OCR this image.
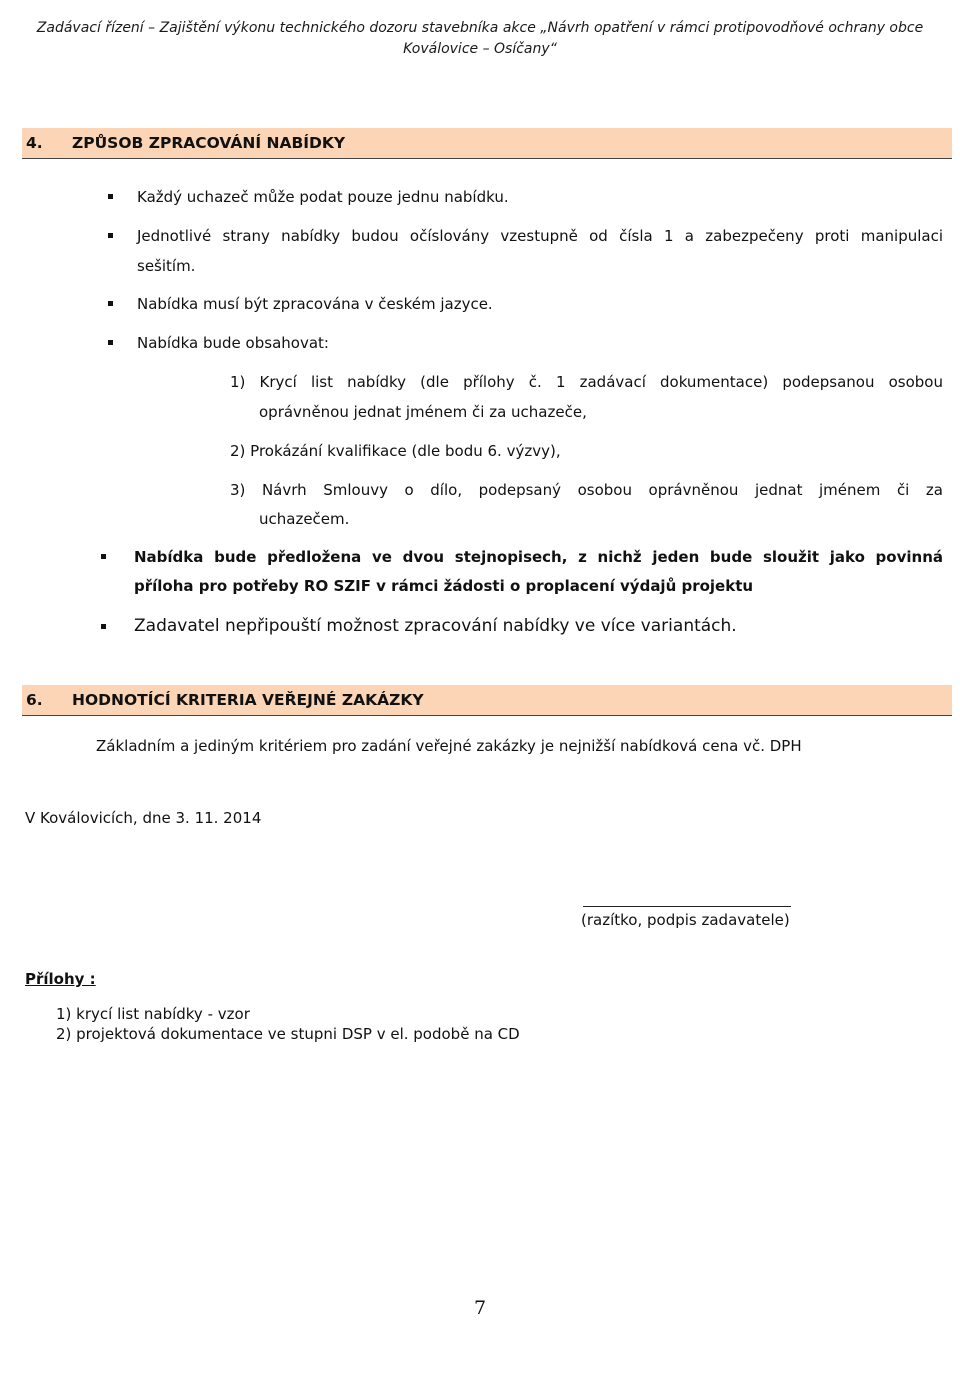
Zadávací řízení – Zajištění výkonu technického dozoru stavebníka akce „Návrh opatření v rámci protipovodňové ochrany obce
Koválovice – Osíčany“
4. ZPŮSOB ZPRACOVÁNÍ NABÍDKY
Každý uchazeč může podat pouze jednu nabídku.
Jednotlivé strany nabídky budou očíslovány vzestupně od čísla 1 a zabezpečeny proti manipulaci
sešitím.
Nabídka musí být zpracována v českém jazyce.
Nabídka bude obsahovat:
1) Krycí list nabídky (dle přílohy č. 1 zadávací dokumentace) podepsanou osobou
oprávněnou jednat jménem či za uchazeče,
2) Prokázání kvalifikace (dle bodu 6. výzvy),
3) Návrh Smlouvy o dílo, podepsaný osobou oprávněnou jednat jménem či za
uchazečem.
Nabídka bude předložena ve dvou stejnopisech, z nichž jeden bude sloužit jako povinná
příloha pro potřeby RO SZIF v rámci žádosti o proplacení výdajů projektu
Zadavatel nepřipouští možnost zpracování nabídky ve více variantách.
6. HODNOTÍCÍ KRITERIA VEŘEJNÉ ZAKÁZKY
Základním a jediným kritériem pro zadání veřejné zakázky je nejnižší nabídková cena vč. DPH
V Koválovicích, dne 3. 11. 2014
(razítko, podpis zadavatele)
Přílohy :
1) krycí list nabídky - vzor
2) projektová dokumentace ve stupni DSP v el. podobě na CD
7
